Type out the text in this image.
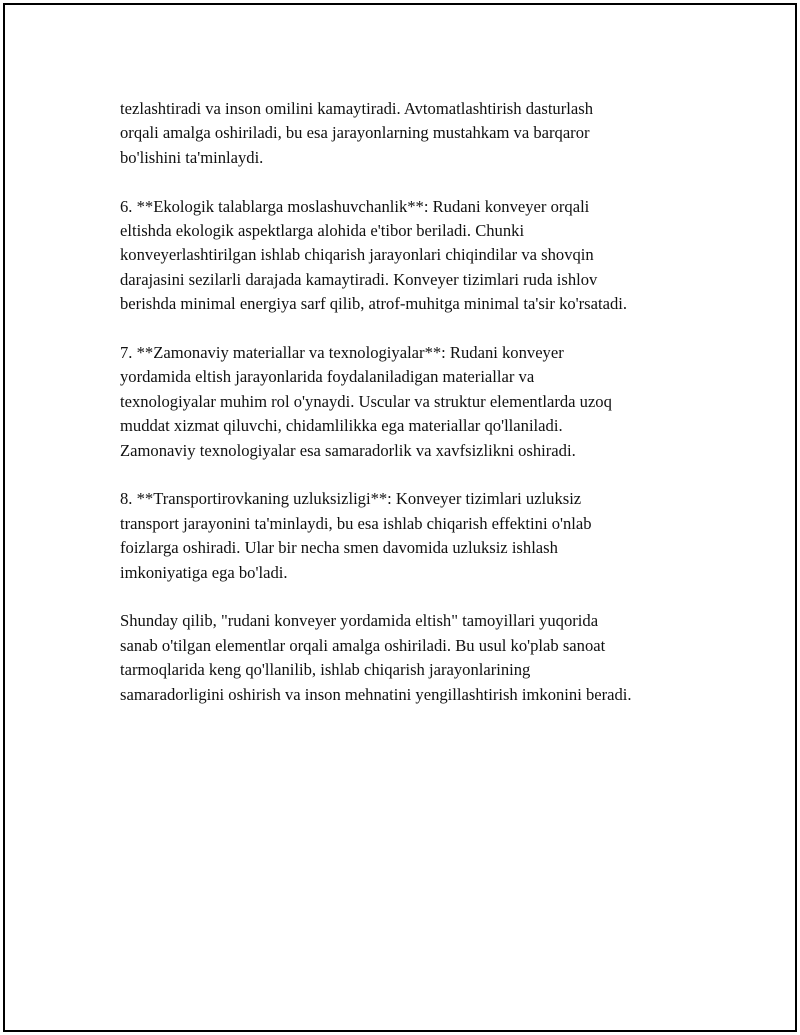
tezlashtiradi va inson omilini kamaytiradi. Avtomatlashtirish dasturlash
orqali amalga oshiriladi, bu esa jarayonlarning mustahkam va barqaror
bo'lishini ta'minlaydi.

6. **Ekologik talablarga moslashuvchanlik**: Rudani konveyer orqali
eltishda ekologik aspektlarga alohida e'tibor beriladi. Chunki
konveyerlashtirilgan ishlab chiqarish jarayonlari chiqindilar va shovqin
darajasini sezilarli darajada kamaytiradi. Konveyer tizimlari ruda ishlov
berishda minimal energiya sarf qilib, atrof-muhitga minimal ta'sir ko'rsatadi.

7. **Zamonaviy materiallar va texnologiyalar**: Rudani konveyer
yordamida eltish jarayonlarida foydalaniladigan materiallar va
texnologiyalar muhim rol o'ynaydi. Uscular va struktur elementlarda uzoq
muddat xizmat qiluvchi, chidamlilikka ega materiallar qo'llaniladi.
Zamonaviy texnologiyalar esa samaradorlik va xavfsizlikni oshiradi.

8. **Transportirovkaning uzluksizligi**: Konveyer tizimlari uzluksiz
transport jarayonini ta'minlaydi, bu esa ishlab chiqarish effektini o'nlab
foizlarga oshiradi. Ular bir necha smen davomida uzluksiz ishlash
imkoniyatiga ega bo'ladi.

Shunday qilib, "rudani konveyer yordamida eltish" tamoyillari yuqorida
sanab o'tilgan elementlar orqali amalga oshiriladi. Bu usul ko'plab sanoat
tarmoqlarida keng qo'llanilib, ishlab chiqarish jarayonlarining
samaradorligini oshirish va inson mehnatini yengillashtirish imkonini beradi.
